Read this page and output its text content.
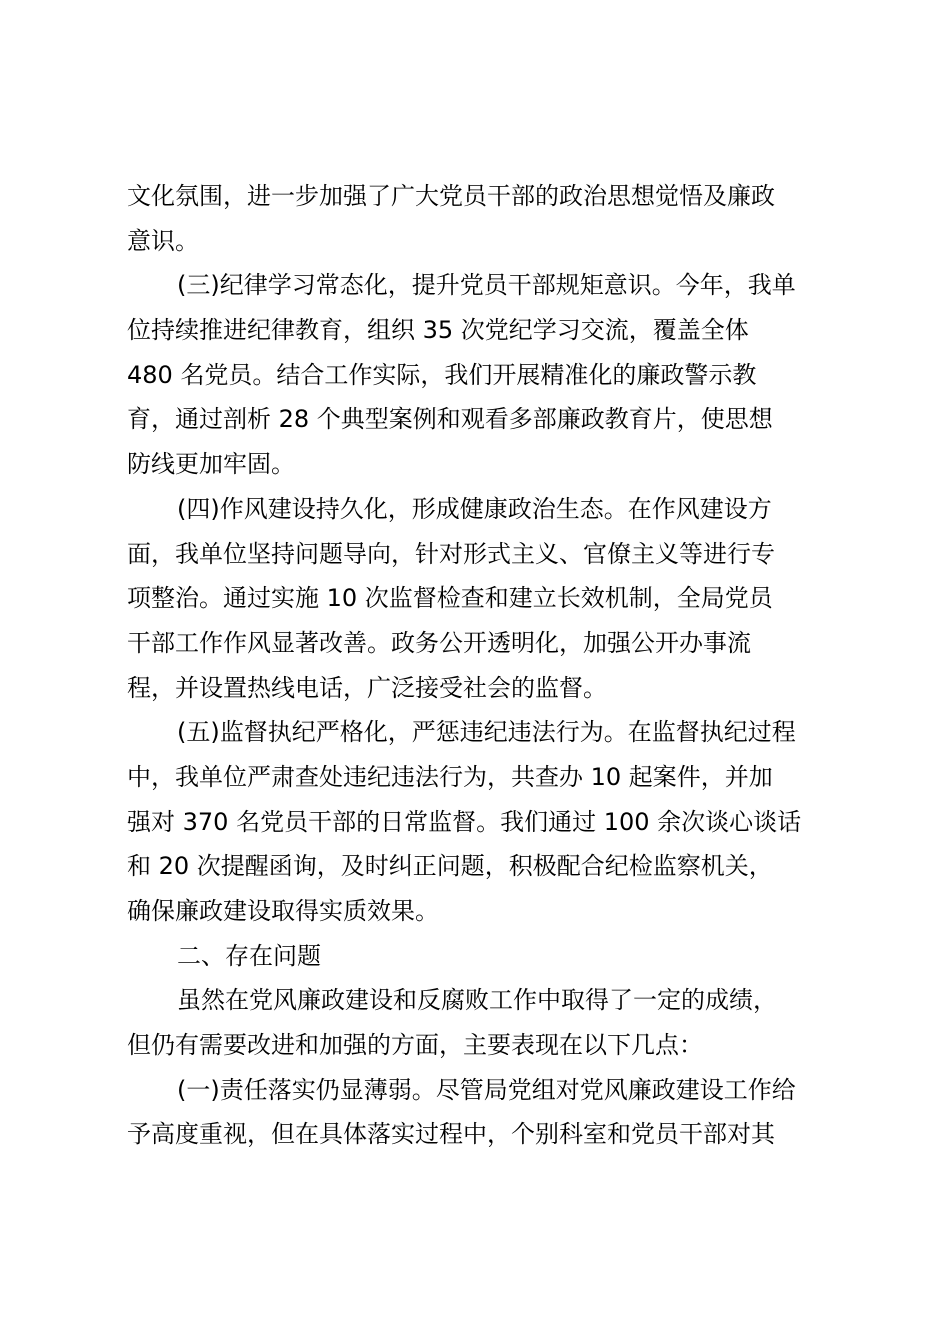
文化氛围，进一步加强了广大党员干部的政治思想觉悟及廉政
意识。
(三)纪律学习常态化，提升党员干部规矩意识。今年，我单
位持续推进纪律教育，组织 35 次党纪学习交流，覆盖全体
480 名党员。结合工作实际，我们开展精准化的廉政警示教
育，通过剖析 28 个典型案例和观看多部廉政教育片，使思想
防线更加牢固。
(四)作风建设持久化，形成健康政治生态。在作风建设方
面，我单位坚持问题导向，针对形式主义、官僚主义等进行专
项整治。通过实施 10 次监督检查和建立长效机制，全局党员
干部工作作风显著改善。政务公开透明化，加强公开办事流
程，并设置热线电话，广泛接受社会的监督。
(五)监督执纪严格化，严惩违纪违法行为。在监督执纪过程
中，我单位严肃查处违纪违法行为，共查办 10 起案件，并加
强对 370 名党员干部的日常监督。我们通过 100 余次谈心谈话
和 20 次提醒函询，及时纠正问题，积极配合纪检监察机关，
确保廉政建设取得实质效果。
二、存在问题
虽然在党风廉政建设和反腐败工作中取得了一定的成绩，
但仍有需要改进和加强的方面，主要表现在以下几点：
(一)责任落实仍显薄弱。尽管局党组对党风廉政建设工作给
予高度重视，但在具体落实过程中，个别科室和党员干部对其
